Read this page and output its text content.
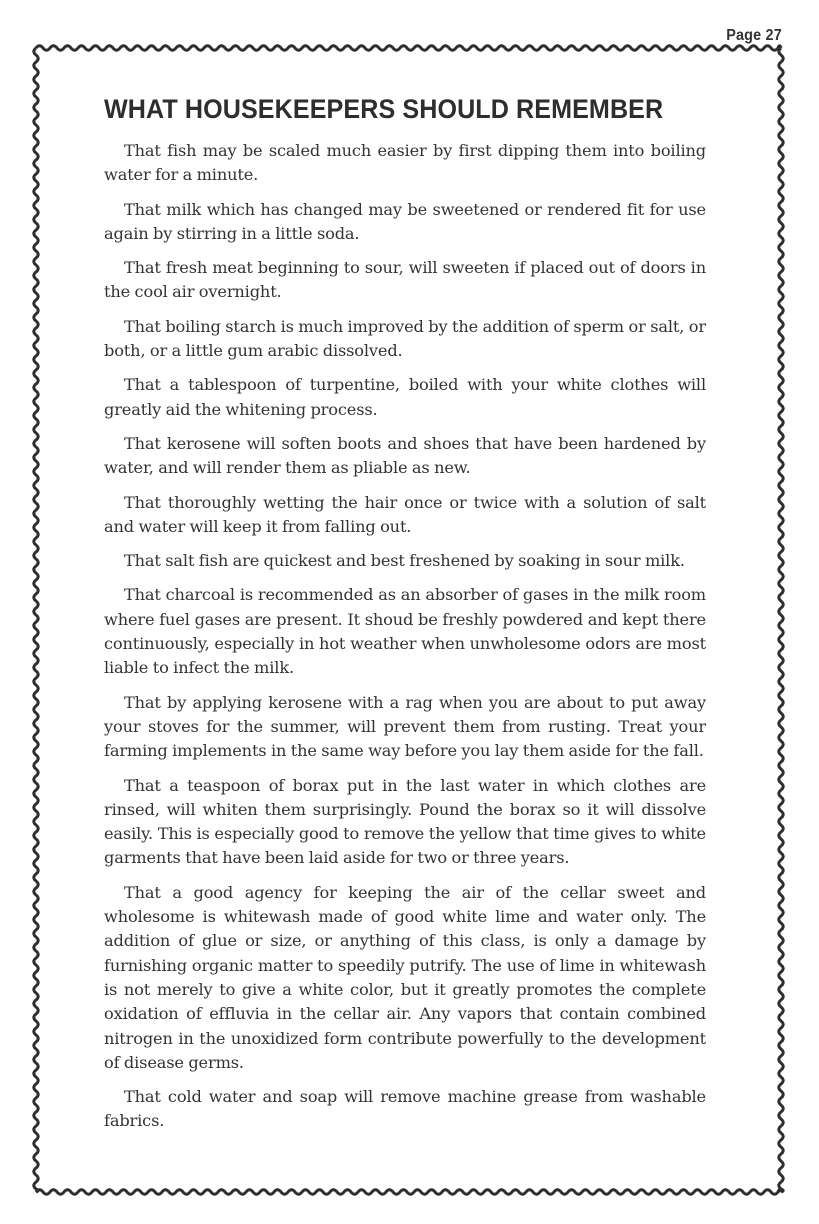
Page 27
WHAT HOUSEKEEPERS SHOULD REMEMBER

That fish may be scaled much easier by first dipping them into boiling water for a minute.

That milk which has changed may be sweetened or rendered fit for use again by stirring in a little soda.

That fresh meat beginning to sour, will sweeten if placed out of doors in the cool air overnight.

That boiling starch is much improved by the addition of sperm or salt, or both, or a little gum arabic dissolved.

That a tablespoon of turpentine, boiled with your white clothes will greatly aid the whitening process.

That kerosene will soften boots and shoes that have been hardened by water, and will render them as pliable as new.

That thoroughly wetting the hair once or twice with a solution of salt and water will keep it from falling out.

That salt fish are quickest and best freshened by soaking in sour milk.

That charcoal is recommended as an absorber of gases in the milk room where fuel gases are present. It shoud be freshly powdered and kept there continuously, especially in hot weather when unwholesome odors are most liable to infect the milk.

That by applying kerosene with a rag when you are about to put away your stoves for the summer, will prevent them from rusting. Treat your farming implements in the same way before you lay them aside for the fall.

That a teaspoon of borax put in the last water in which clothes are rinsed, will whiten them surprisingly. Pound the borax so it will dissolve easily. This is especially good to remove the yellow that time gives to white garments that have been laid aside for two or three years.

That a good agency for keeping the air of the cellar sweet and wholesome is whitewash made of good white lime and water only. The addition of glue or size, or anything of this class, is only a damage by furnishing organic matter to speedily putrify. The use of lime in whitewash is not merely to give a white color, but it greatly promotes the complete oxidation of effluvia in the cellar air. Any vapors that contain combined nitrogen in the unoxidized form contribute powerfully to the development of disease germs.

That cold water and soap will remove machine grease from washable fabrics.
